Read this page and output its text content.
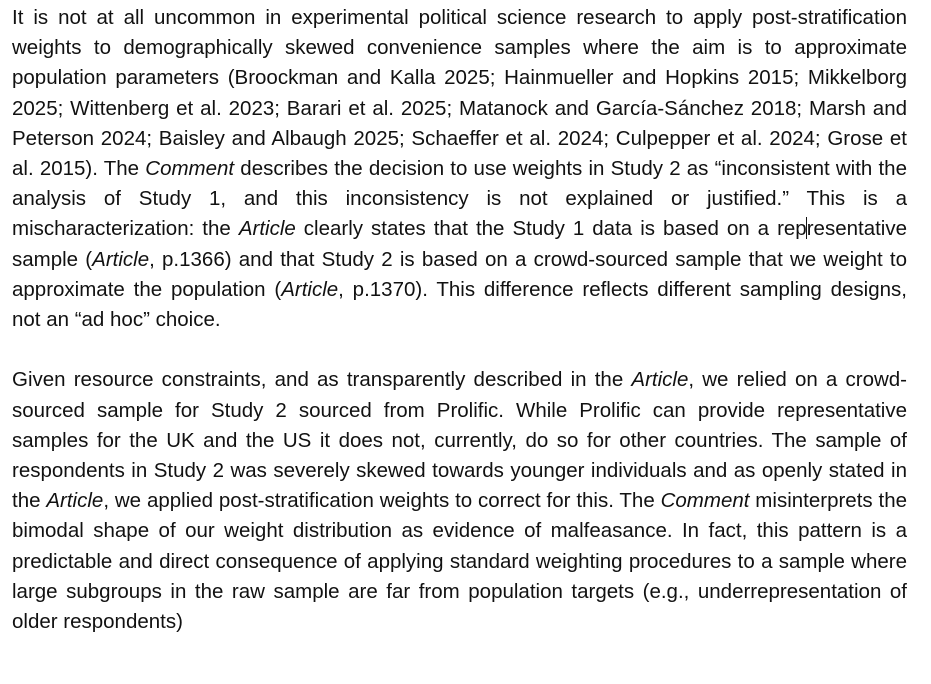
It is not at all uncommon in experimental political science research to apply post-stratification weights to demographically skewed convenience samples where the aim is to approximate population parameters (Broockman and Kalla 2025; Hainmueller and Hopkins 2015; Mikkelborg 2025; Wittenberg et al. 2023; Barari et al. 2025; Matanock and García-Sánchez 2018; Marsh and Peterson 2024; Baisley and Albaugh 2025; Schaeffer et al. 2024; Culpepper et al. 2024; Grose et al. 2015). The Comment describes the decision to use weights in Study 2 as “inconsistent with the analysis of Study 1, and this inconsistency is not explained or justified.” This is a mischaracterization: the Article clearly states that the Study 1 data is based on a representative sample (Article, p.1366) and that Study 2 is based on a crowd-sourced sample that we weight to approximate the population (Article, p.1370). This difference reflects different sampling designs, not an “ad hoc” choice.

Given resource constraints, and as transparently described in the Article, we relied on a crowd-sourced sample for Study 2 sourced from Prolific. While Prolific can provide representative samples for the UK and the US it does not, currently, do so for other countries. The sample of respondents in Study 2 was severely skewed towards younger individuals and as openly stated in the Article, we applied post-stratification weights to correct for this. The Comment misinterprets the bimodal shape of our weight distribution as evidence of malfeasance. In fact, this pattern is a predictable and direct consequence of applying standard weighting procedures to a sample where large subgroups in the raw sample are far from population targets (e.g., underrepresentation of older respondents)
